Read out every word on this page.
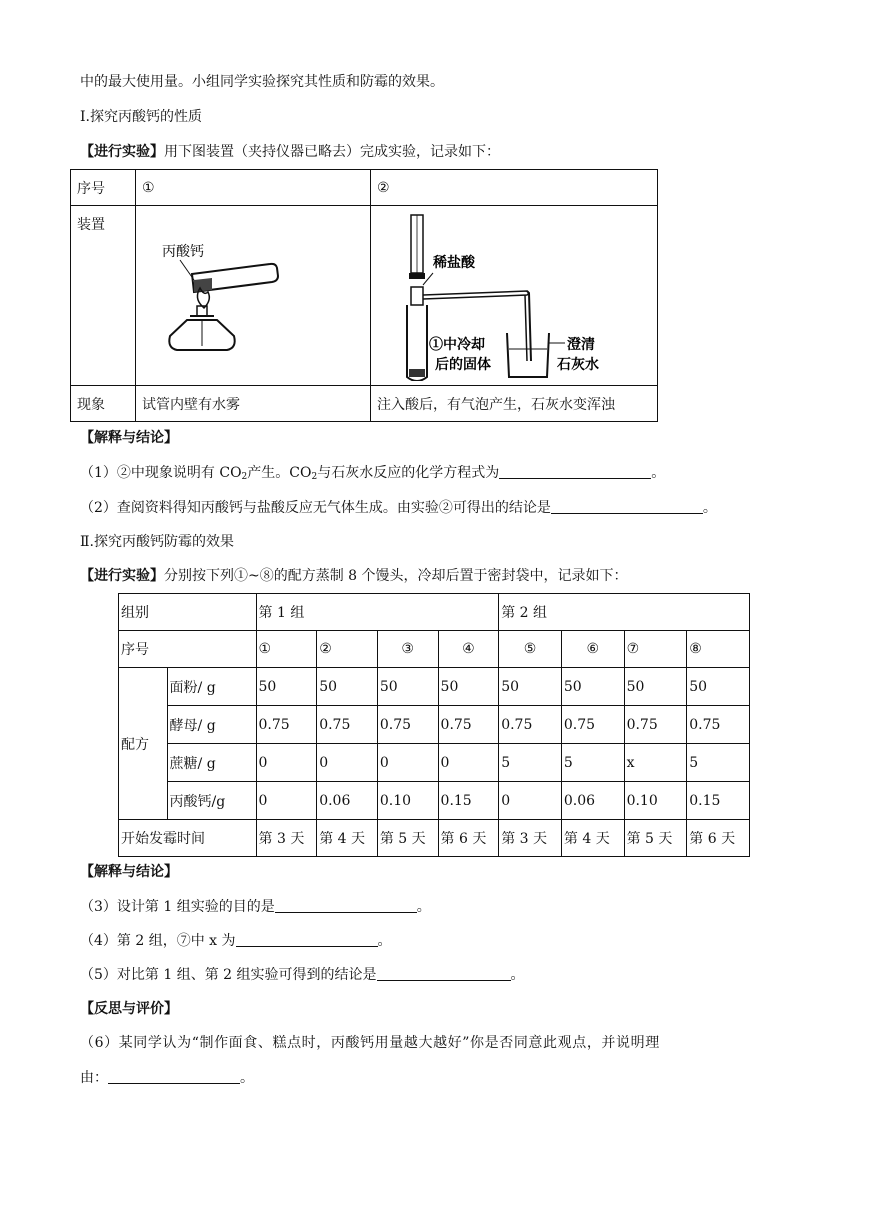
中的最大使用量。小组同学实验探究其性质和防霉的效果。
I.探究丙酸钙的性质
【进行实验】用下图装置（夹持仪器已略去）完成实验，记录如下：
序号	①	②
装置	丙酸钙	稀盐酸
①中冷却
后的固体
澄清
石灰水

现象	试管内壁有水雾	注入酸后，有气泡产生，石灰水变浑浊
【解释与结论】
（1）②中现象说明有 $CO_2$产生。$CO_2$与石灰水反应的化学方程式为	。
（2）查阅资料得知丙酸钙与盐酸反应无气体生成。由实验②可得出的结论是	。
Ⅱ.探究丙酸钙防霉的效果
【进行实验】分别按下列①~⑧的配方蒸制 8 个馒头，冷却后置于密封袋中，记录如下：
组别		第 1 组				第 2 组			
序号		①	②	③	④	⑤	⑥	⑦	⑧
配方	面粉/ g	50	50	50	50	50	50	50	50
	酵母/ g	0.75	0.75	0.75	0.75	0.75	0.75	0.75	0.75
	蔗糖/ g	0	0	0	0	5	5	x	5
	丙酸钙/g	0	0.06	0.10	0.15	0	0.06	0.10	0.15
开始发霉时间		第 3 天	第 4 天	第 5 天	第 6 天	第 3 天	第 4 天	第 5 天	第 6 天
【解释与结论】
（3）设计第 1 组实验的目的是	。
（4）第 2 组，⑦中 x 为	。
（5）对比第 1 组、第 2 组实验可得到的结论是	。
【反思与评价】
（6）某同学认为“制作面食、糕点时，丙酸钙用量越大越好”你是否同意此观点，并说明理
由：	。
